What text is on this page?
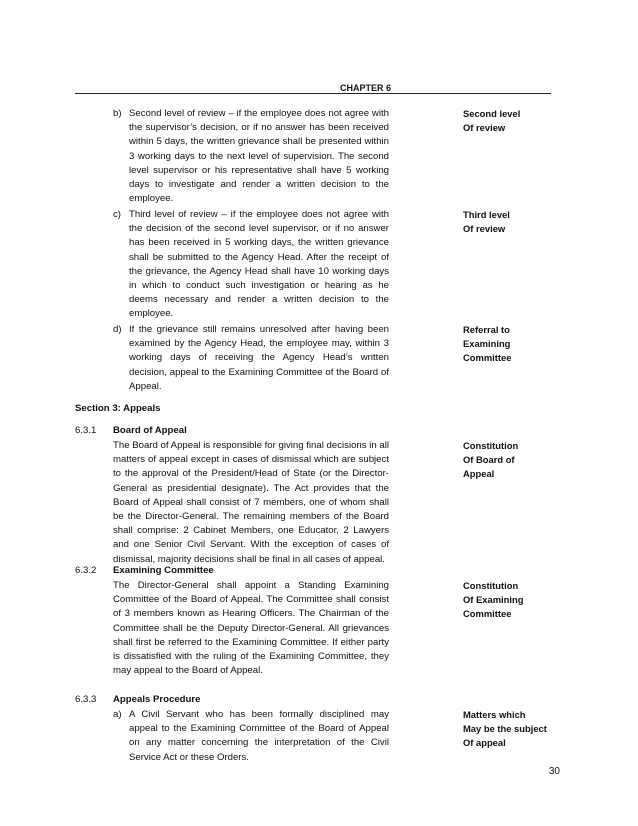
CHAPTER 6
b) Second level of review – if the employee does not agree with the supervisor’s decision, or if no answer has been received within 5 days, the written grievance shall be presented within 3 working days to the next level of supervision. The second level supervisor or his representative shall have 5 working days to investigate and render a written decision to the employee.
Second level
Of review
c) Third level of review – if the employee does not agree with the decision of the second level supervisor, or if no answer has been received in 5 working days, the written grievance shall be submitted to the Agency Head. After the receipt of the grievance, the Agency Head shall have 10 working days in which to conduct such investigation or hearing as he deems necessary and render a written decision to the employee.
Third level
Of review
d) If the grievance still remains unresolved after having been examined by the Agency Head, the employee may, within 3 working days of receiving the Agency Head’s written decision, appeal to the Examining Committee of the Board of Appeal.
Referral to
Examining
Committee
Section 3: Appeals
6.3.1 Board of Appeal
The Board of Appeal is responsible for giving final decisions in all matters of appeal except in cases of dismissal which are subject to the approval of the President/Head of State (or the Director-General as presidential designate). The Act provides that the Board of Appeal shall consist of 7 members, one of whom shall be the Director-General. The remaining members of the Board shall comprise: 2 Cabinet Members, one Educator, 2 Lawyers and one Senior Civil Servant. With the exception of cases of dismissal, majority decisions shall be final in all cases of appeal.
Constitution
Of Board of
Appeal
6.3.2 Examining Committee
The Director-General shall appoint a Standing Examining Committee of the Board of Appeal. The Committee shall consist of 3 members known as Hearing Officers. The Chairman of the Committee shall be the Deputy Director-General. All grievances shall first be referred to the Examining Committee. If either party is dissatisfied with the ruling of the Examining Committee, they may appeal to the Board of Appeal.
Constitution
Of Examining
Committee
6.3.3 Appeals Procedure
a) A Civil Servant who has been formally disciplined may appeal to the Examining Committee of the Board of Appeal on any matter concerning the interpretation of the Civil Service Act or these Orders.
Matters which
May be the subject
Of appeal
30
